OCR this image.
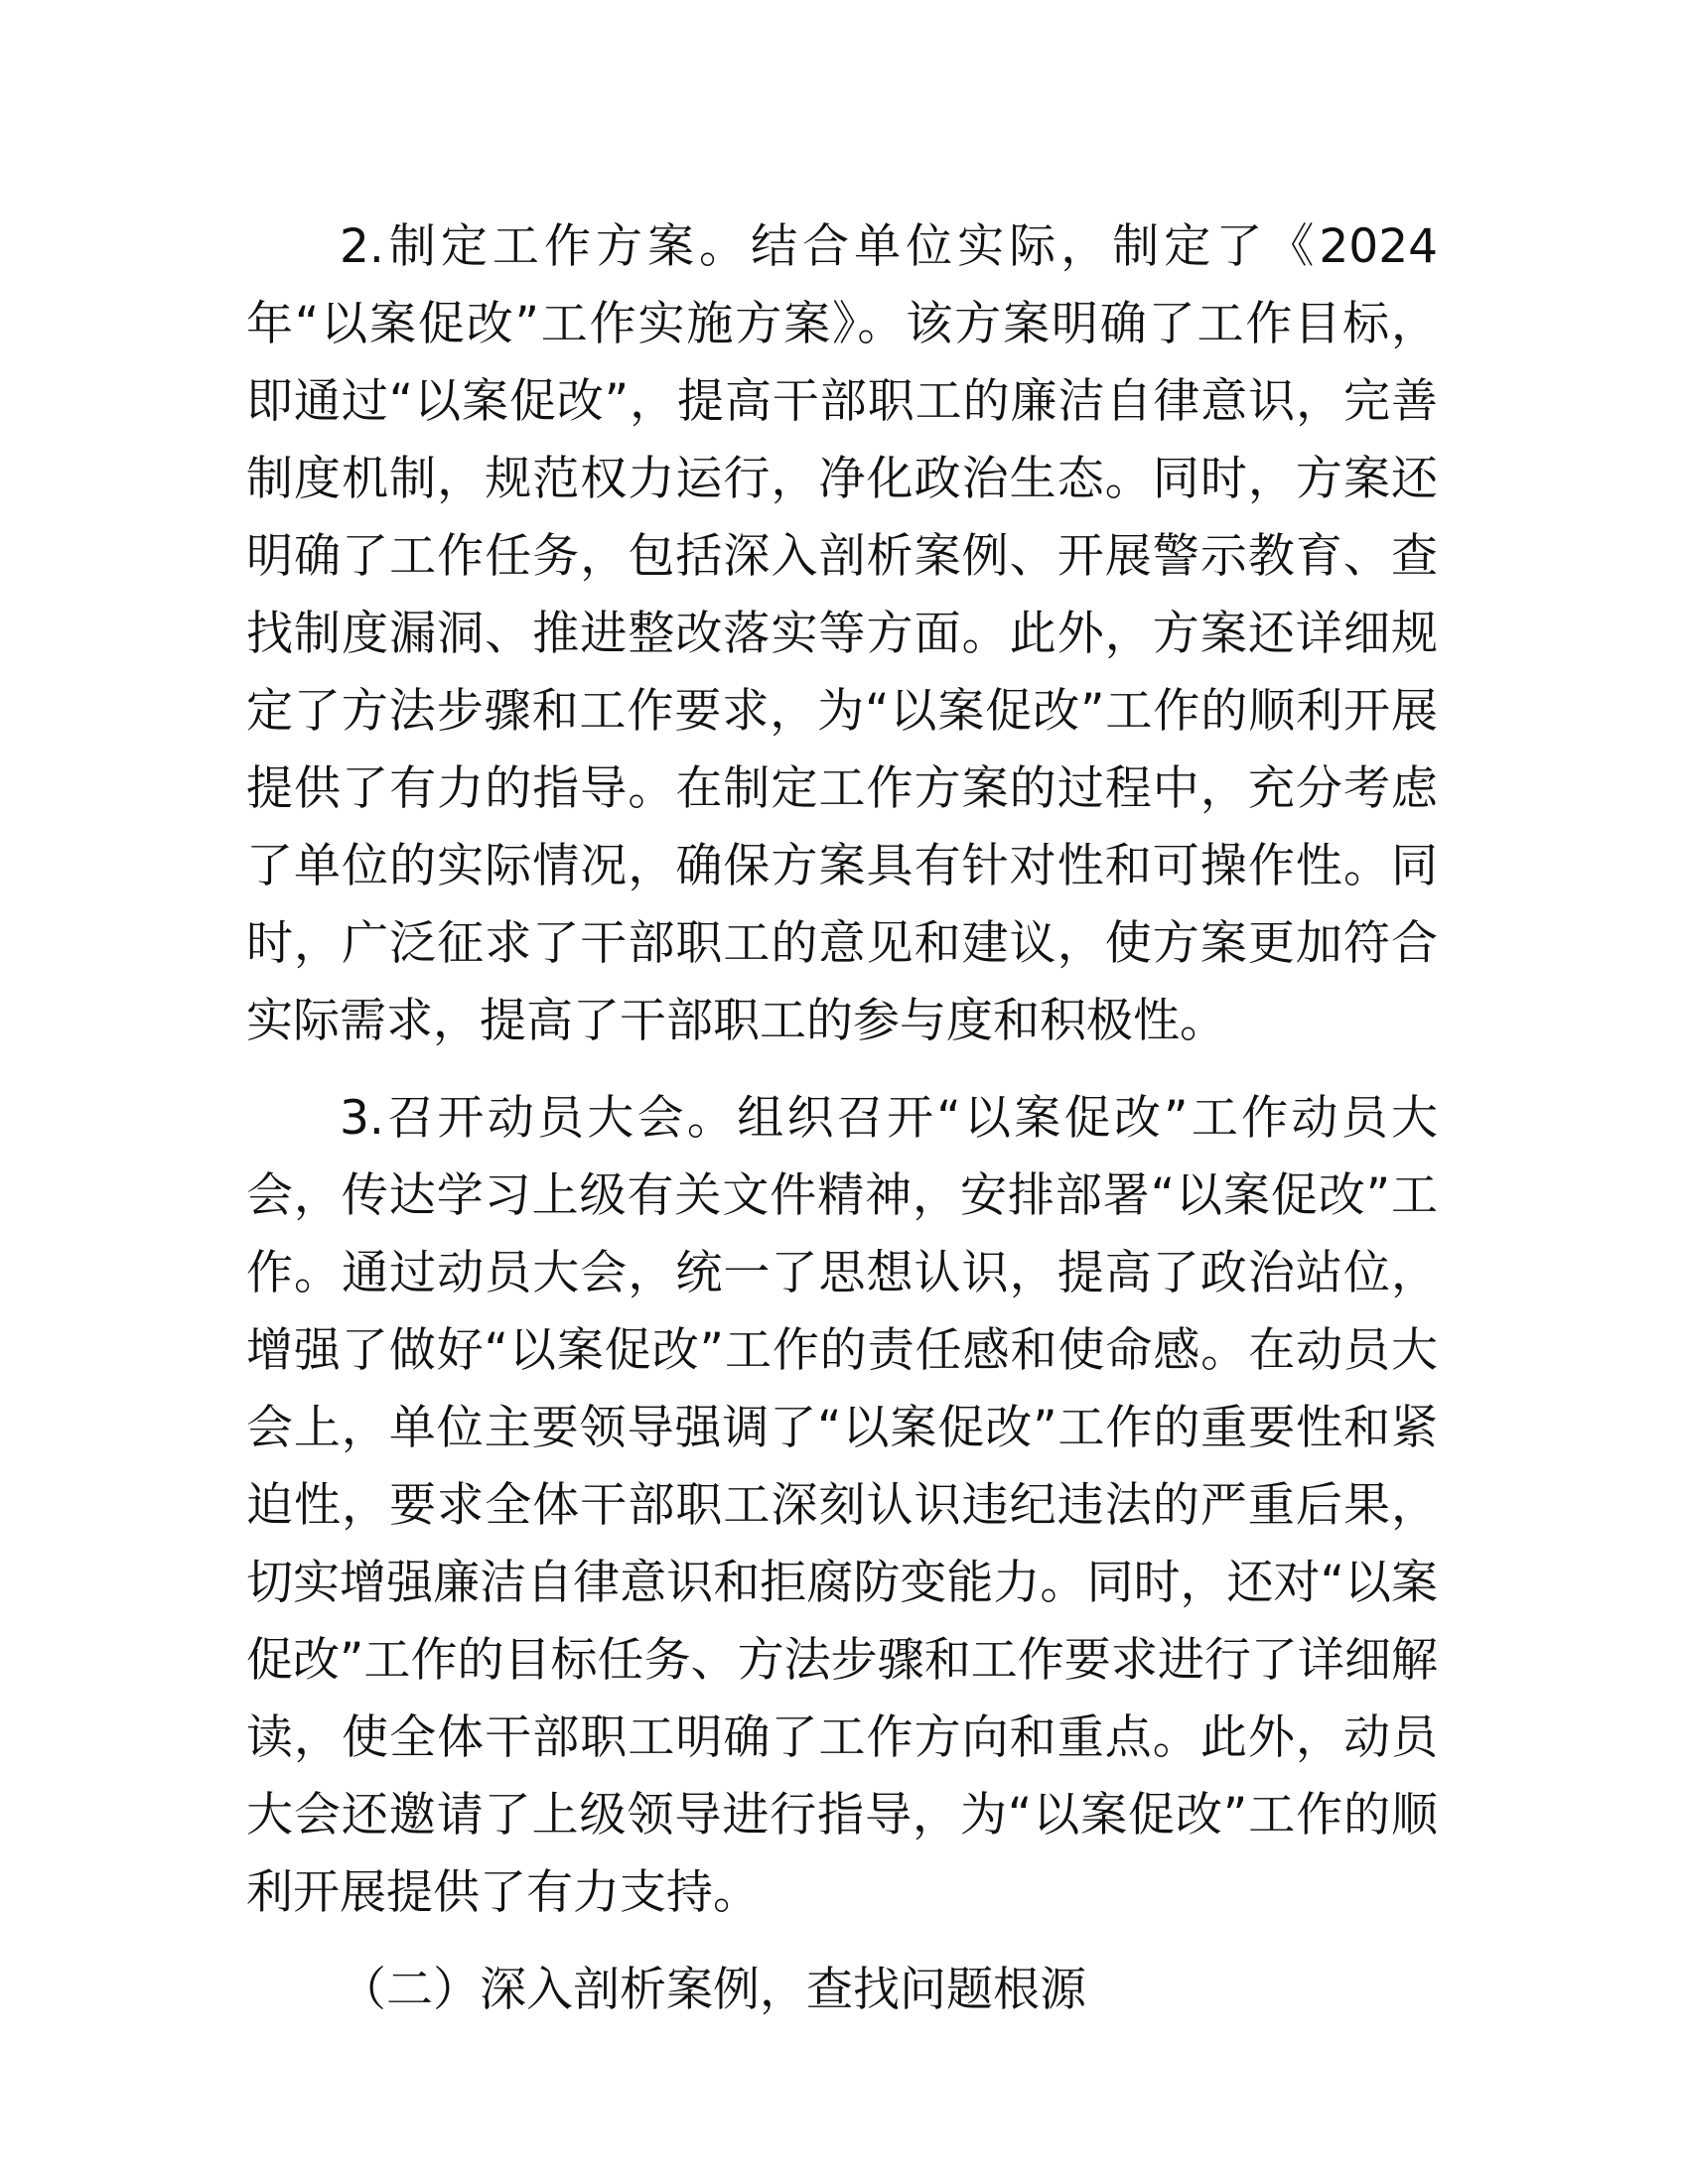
2.制定工作方案。结合单位实际，制定了《2024年“以案促改”工作实施方案》。该方案明确了工作目标，即通过“以案促改”，提高干部职工的廉洁自律意识，完善制度机制，规范权力运行，净化政治生态。同时，方案还明确了工作任务，包括深入剖析案例、开展警示教育、查找制度漏洞、推进整改落实等方面。此外，方案还详细规定了方法步骤和工作要求，为“以案促改”工作的顺利开展提供了有力的指导。在制定工作方案的过程中，充分考虑了单位的实际情况，确保方案具有针对性和可操作性。同时，广泛征求了干部职工的意见和建议，使方案更加符合实际需求，提高了干部职工的参与度和积极性。

3.召开动员大会。组织召开“以案促改”工作动员大会，传达学习上级有关文件精神，安排部署“以案促改”工作。通过动员大会，统一了思想认识，提高了政治站位，增强了做好“以案促改”工作的责任感和使命感。在动员大会上，单位主要领导强调了“以案促改”工作的重要性和紧迫性，要求全体干部职工深刻认识违纪违法的严重后果，切实增强廉洁自律意识和拒腐防变能力。同时，还对“以案促改”工作的目标任务、方法步骤和工作要求进行了详细解读，使全体干部职工明确了工作方向和重点。此外，动员大会还邀请了上级领导进行指导，为“以案促改”工作的顺利开展提供了有力支持。

（二）深入剖析案例，查找问题根源
